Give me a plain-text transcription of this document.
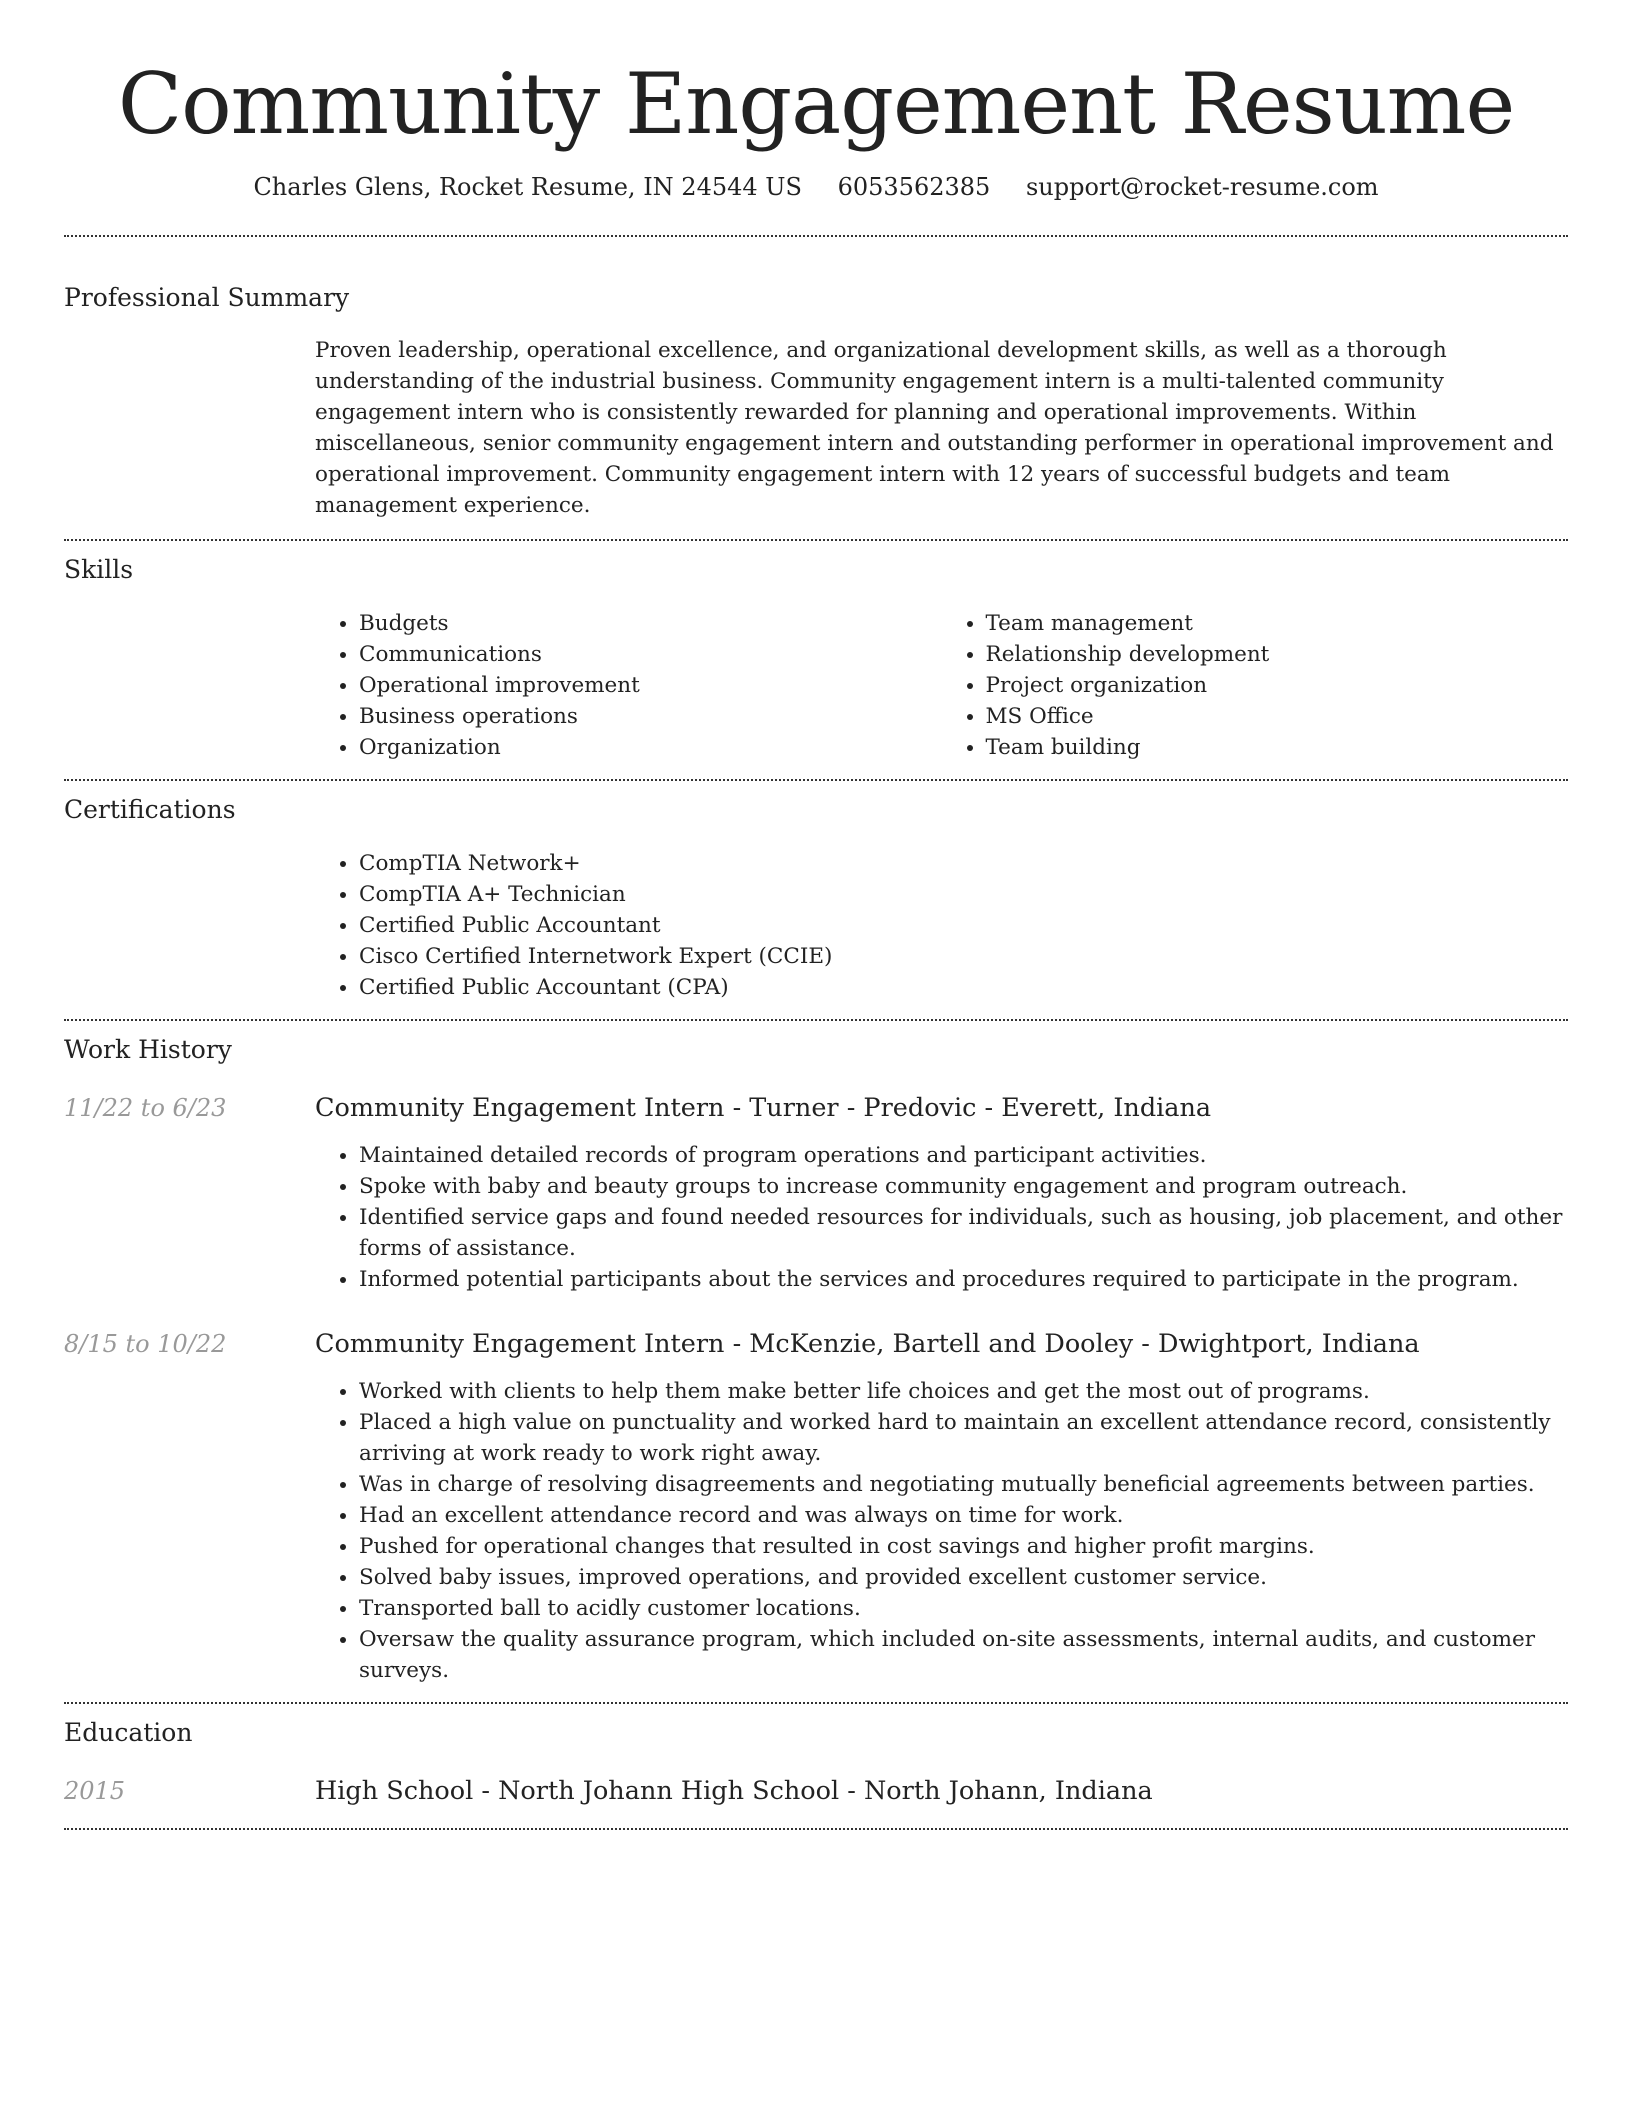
Community Engagement Resume
Charles Glens, Rocket Resume, IN 24544 US 6053562385 support@rocket-resume.com
Professional Summary
Proven leadership, operational excellence, and organizational development skills, as well as a thorough understanding of the industrial business. Community engagement intern is a multi-talented community engagement intern who is consistently rewarded for planning and operational improvements. Within miscellaneous, senior community engagement intern and outstanding performer in operational improvement and operational improvement. Community engagement intern with 12 years of successful budgets and team management experience.
Skills
• Budgets
• Communications
• Operational improvement
• Business operations
• Organization
• Team management
• Relationship development
• Project organization
• MS Office
• Team building
Certifications
• CompTIA Network+
• CompTIA A+ Technician
• Certified Public Accountant
• Cisco Certified Internetwork Expert (CCIE)
• Certified Public Accountant (CPA)
Work History
11/22 to 6/23	Community Engagement Intern - Turner - Predovic - Everett, Indiana
• Maintained detailed records of program operations and participant activities.
• Spoke with baby and beauty groups to increase community engagement and program outreach.
• Identified service gaps and found needed resources for individuals, such as housing, job placement, and other forms of assistance.
• Informed potential participants about the services and procedures required to participate in the program.
8/15 to 10/22	Community Engagement Intern - McKenzie, Bartell and Dooley - Dwightport, Indiana
• Worked with clients to help them make better life choices and get the most out of programs.
• Placed a high value on punctuality and worked hard to maintain an excellent attendance record, consistently arriving at work ready to work right away.
• Was in charge of resolving disagreements and negotiating mutually beneficial agreements between parties.
• Had an excellent attendance record and was always on time for work.
• Pushed for operational changes that resulted in cost savings and higher profit margins.
• Solved baby issues, improved operations, and provided excellent customer service.
• Transported ball to acidly customer locations.
• Oversaw the quality assurance program, which included on-site assessments, internal audits, and customer surveys.
Education
2015	High School - North Johann High School - North Johann, Indiana
